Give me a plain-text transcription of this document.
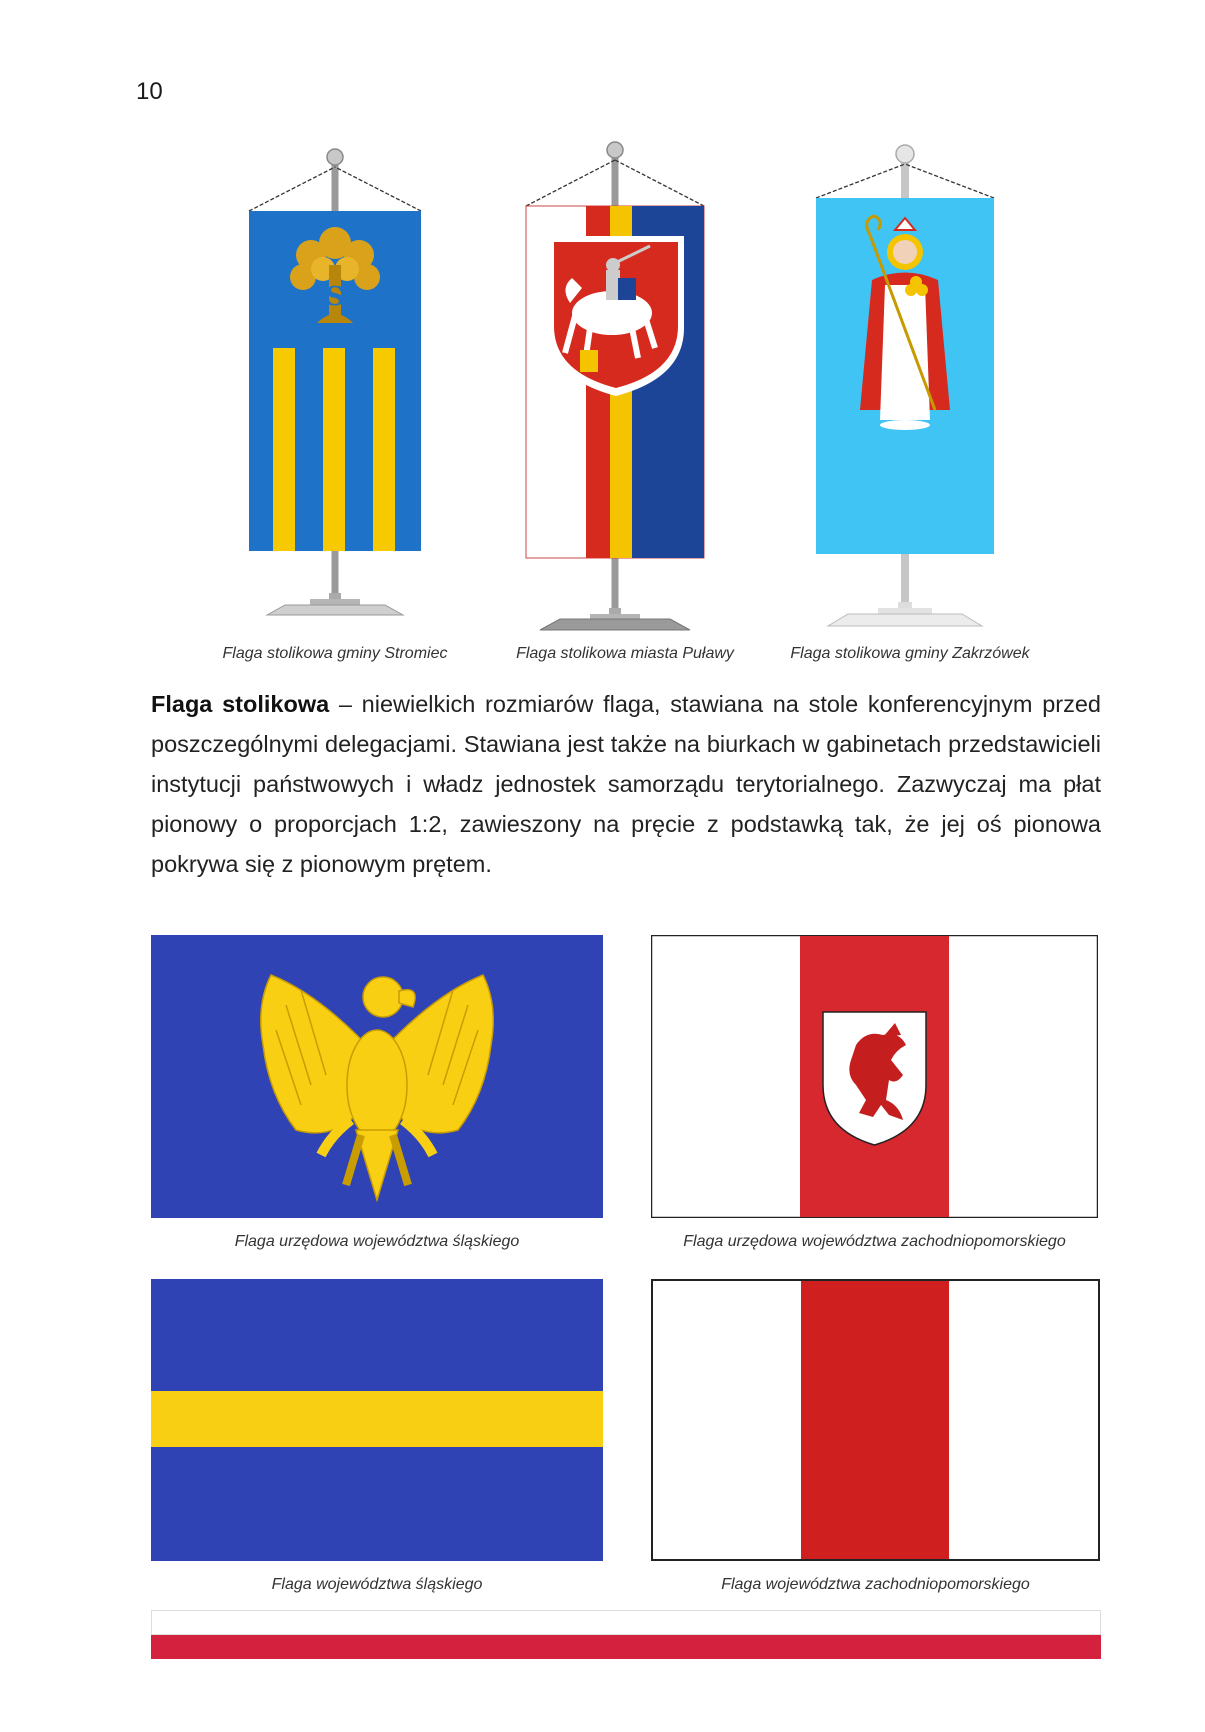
10
S
Flaga stolikowa gminy Stromiec	Flaga stolikowa miasta Puławy	Flaga stolikowa gminy Zakrzówek
Flaga stolikowa – niewielkich rozmiarów flaga, stawiana na stole konferencyjnym przed poszczególnymi delegacjami. Stawiana jest także na biurkach w gabinetach przedstawicieli instytucji państwowych i władz jednostek samorządu terytorialnego. Zazwyczaj ma płat pionowy o proporcjach 1:2, zawieszony na pręcie z podstawką tak, że jej oś pionowa pokrywa się z pionowym prętem.
Flaga urzędowa województwa śląskiego	Flaga urzędowa województwa zachodniopomorskiego
Flaga województwa śląskiego	Flaga województwa zachodniopomorskiego
